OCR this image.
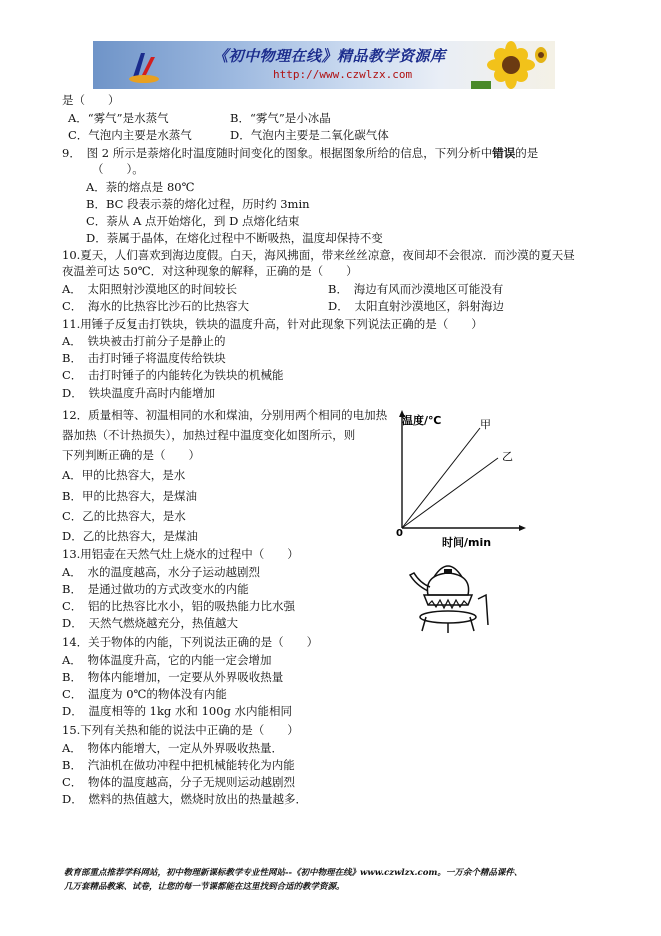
《初中物理在线》精品教学资源库
http://www.czwlzx.com
是（　　）
A．“雾气”是水蒸气	B．“雾气”是小冰晶
C．气泡内主要是水蒸气	D．气泡内主要是二氧化碳气体
9．　图 2 所示是萘熔化时温度随时间变化的图象。根据图象所给的信息，下列分析中错误的是
（　　）。
A．萘的熔点是 80℃
B．BC 段表示萘的熔化过程，历时约 3min
C．萘从 A 点开始熔化，到 D 点熔化结束
D．萘属于晶体，在熔化过程中不断吸热，温度却保持不变
10.夏天，人们喜欢到海边度假。白天，海风拂面，带来丝丝凉意，夜间却不会很凉．而沙漠的夏天昼
夜温差可达 50℃．对这种现象的解释，正确的是（　　）
A．　太阳照射沙漠地区的时间较长	B．　海边有风而沙漠地区可能没有
C．　海水的比热容比沙石的比热容大	D．　太阳直射沙漠地区，斜射海边
11.用锤子反复击打铁块，铁块的温度升高，针对此现象下列说法正确的是（　　）
A．　铁块被击打前分子是静止的
B．　击打时锤子将温度传给铁块
C．　击打时锤子的内能转化为铁块的机械能
D．　铁块温度升高时内能增加
12．质量相等、初温相同的水和煤油，分别用两个相同的电加热
器加热（不计热损失），加热过程中温度变化如图所示，则
下列判断正确的是（　　）
A．甲的比热容大，是水
B．甲的比热容大，是煤油
C．乙的比热容大，是水
D．乙的比热容大，是煤油
13.用铝壶在天然气灶上烧水的过程中（　　）
A．　水的温度越高，水分子运动越剧烈
B．　是通过做功的方式改变水的内能
C．　铝的比热容比水小，铝的吸热能力比水强
D．　天然气燃烧越充分，热值越大
14．关于物体的内能，下列说法正确的是（　　）
A．　物体温度升高，它的内能一定会增加
B．　物体内能增加，一定要从外界吸收热量
C．　温度为 0℃的物体没有内能
D．　温度相等的 1kg 水和 100g 水内能相同
15.下列有关热和能的说法中正确的是（　　）
A．　物体内能增大，一定从外界吸收热量．
B．　汽油机在做功冲程中把机械能转化为内能
C．　物体的温度越高，分子无规则运动越剧烈
D．　燃料的热值越大，燃烧时放出的热量越多．
温度/℃	甲
乙
0
时间/min
教育部重点推荐学科网站，初中物理新课标教学专业性网站--《初中物理在线》www.czwlzx.com。一万余个精品课件、
几万套精品教案、试卷，让您的每一节课都能在这里找到合适的教学资源。
